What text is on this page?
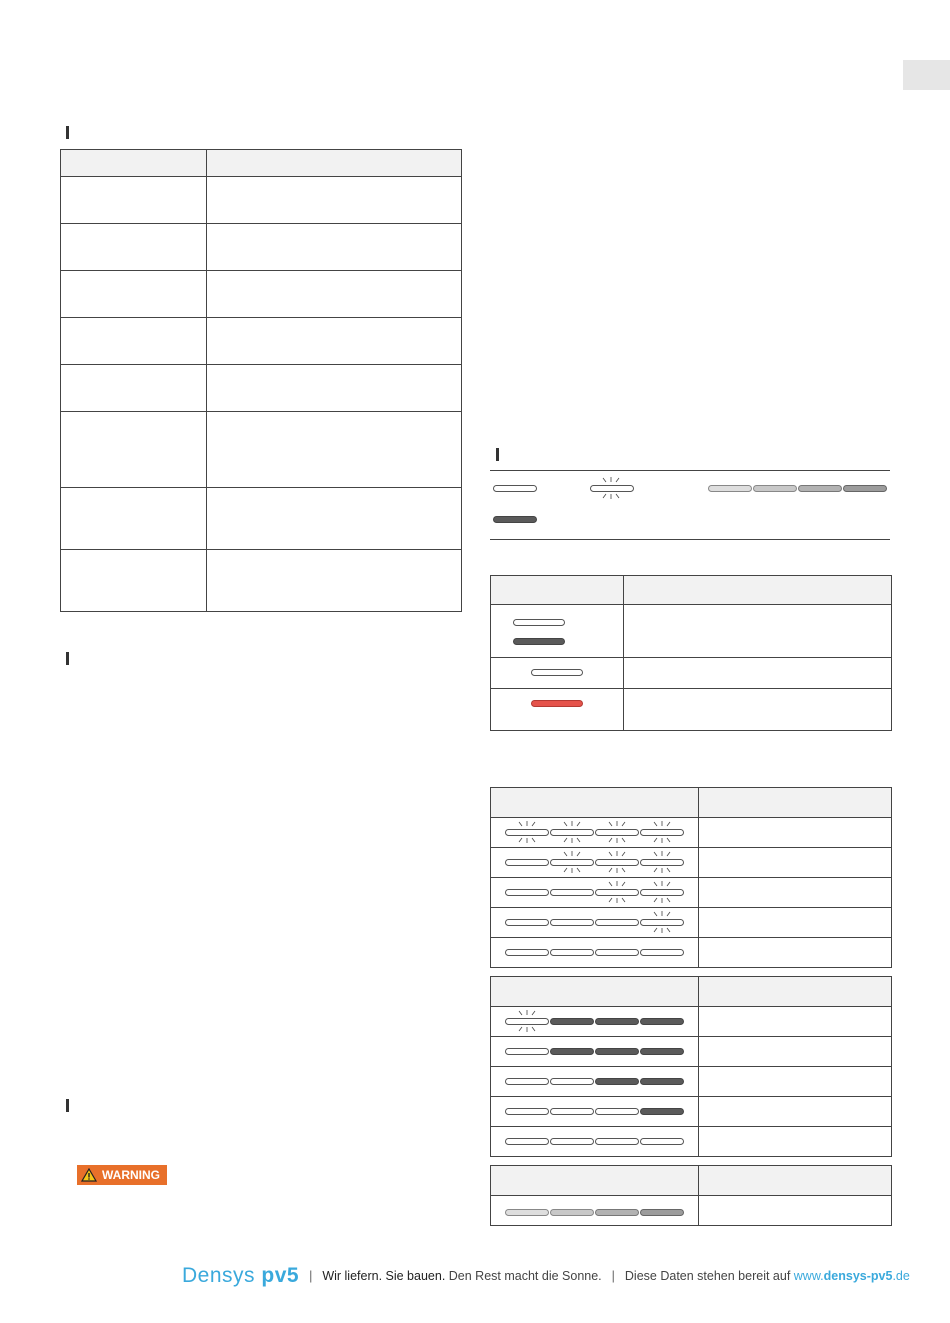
WARNING

Densys pv5 | Wir liefern. Sie bauen.
Den Rest macht die Sonne. | Diese Daten stehen bereit auf
www.densys-pv5.de
